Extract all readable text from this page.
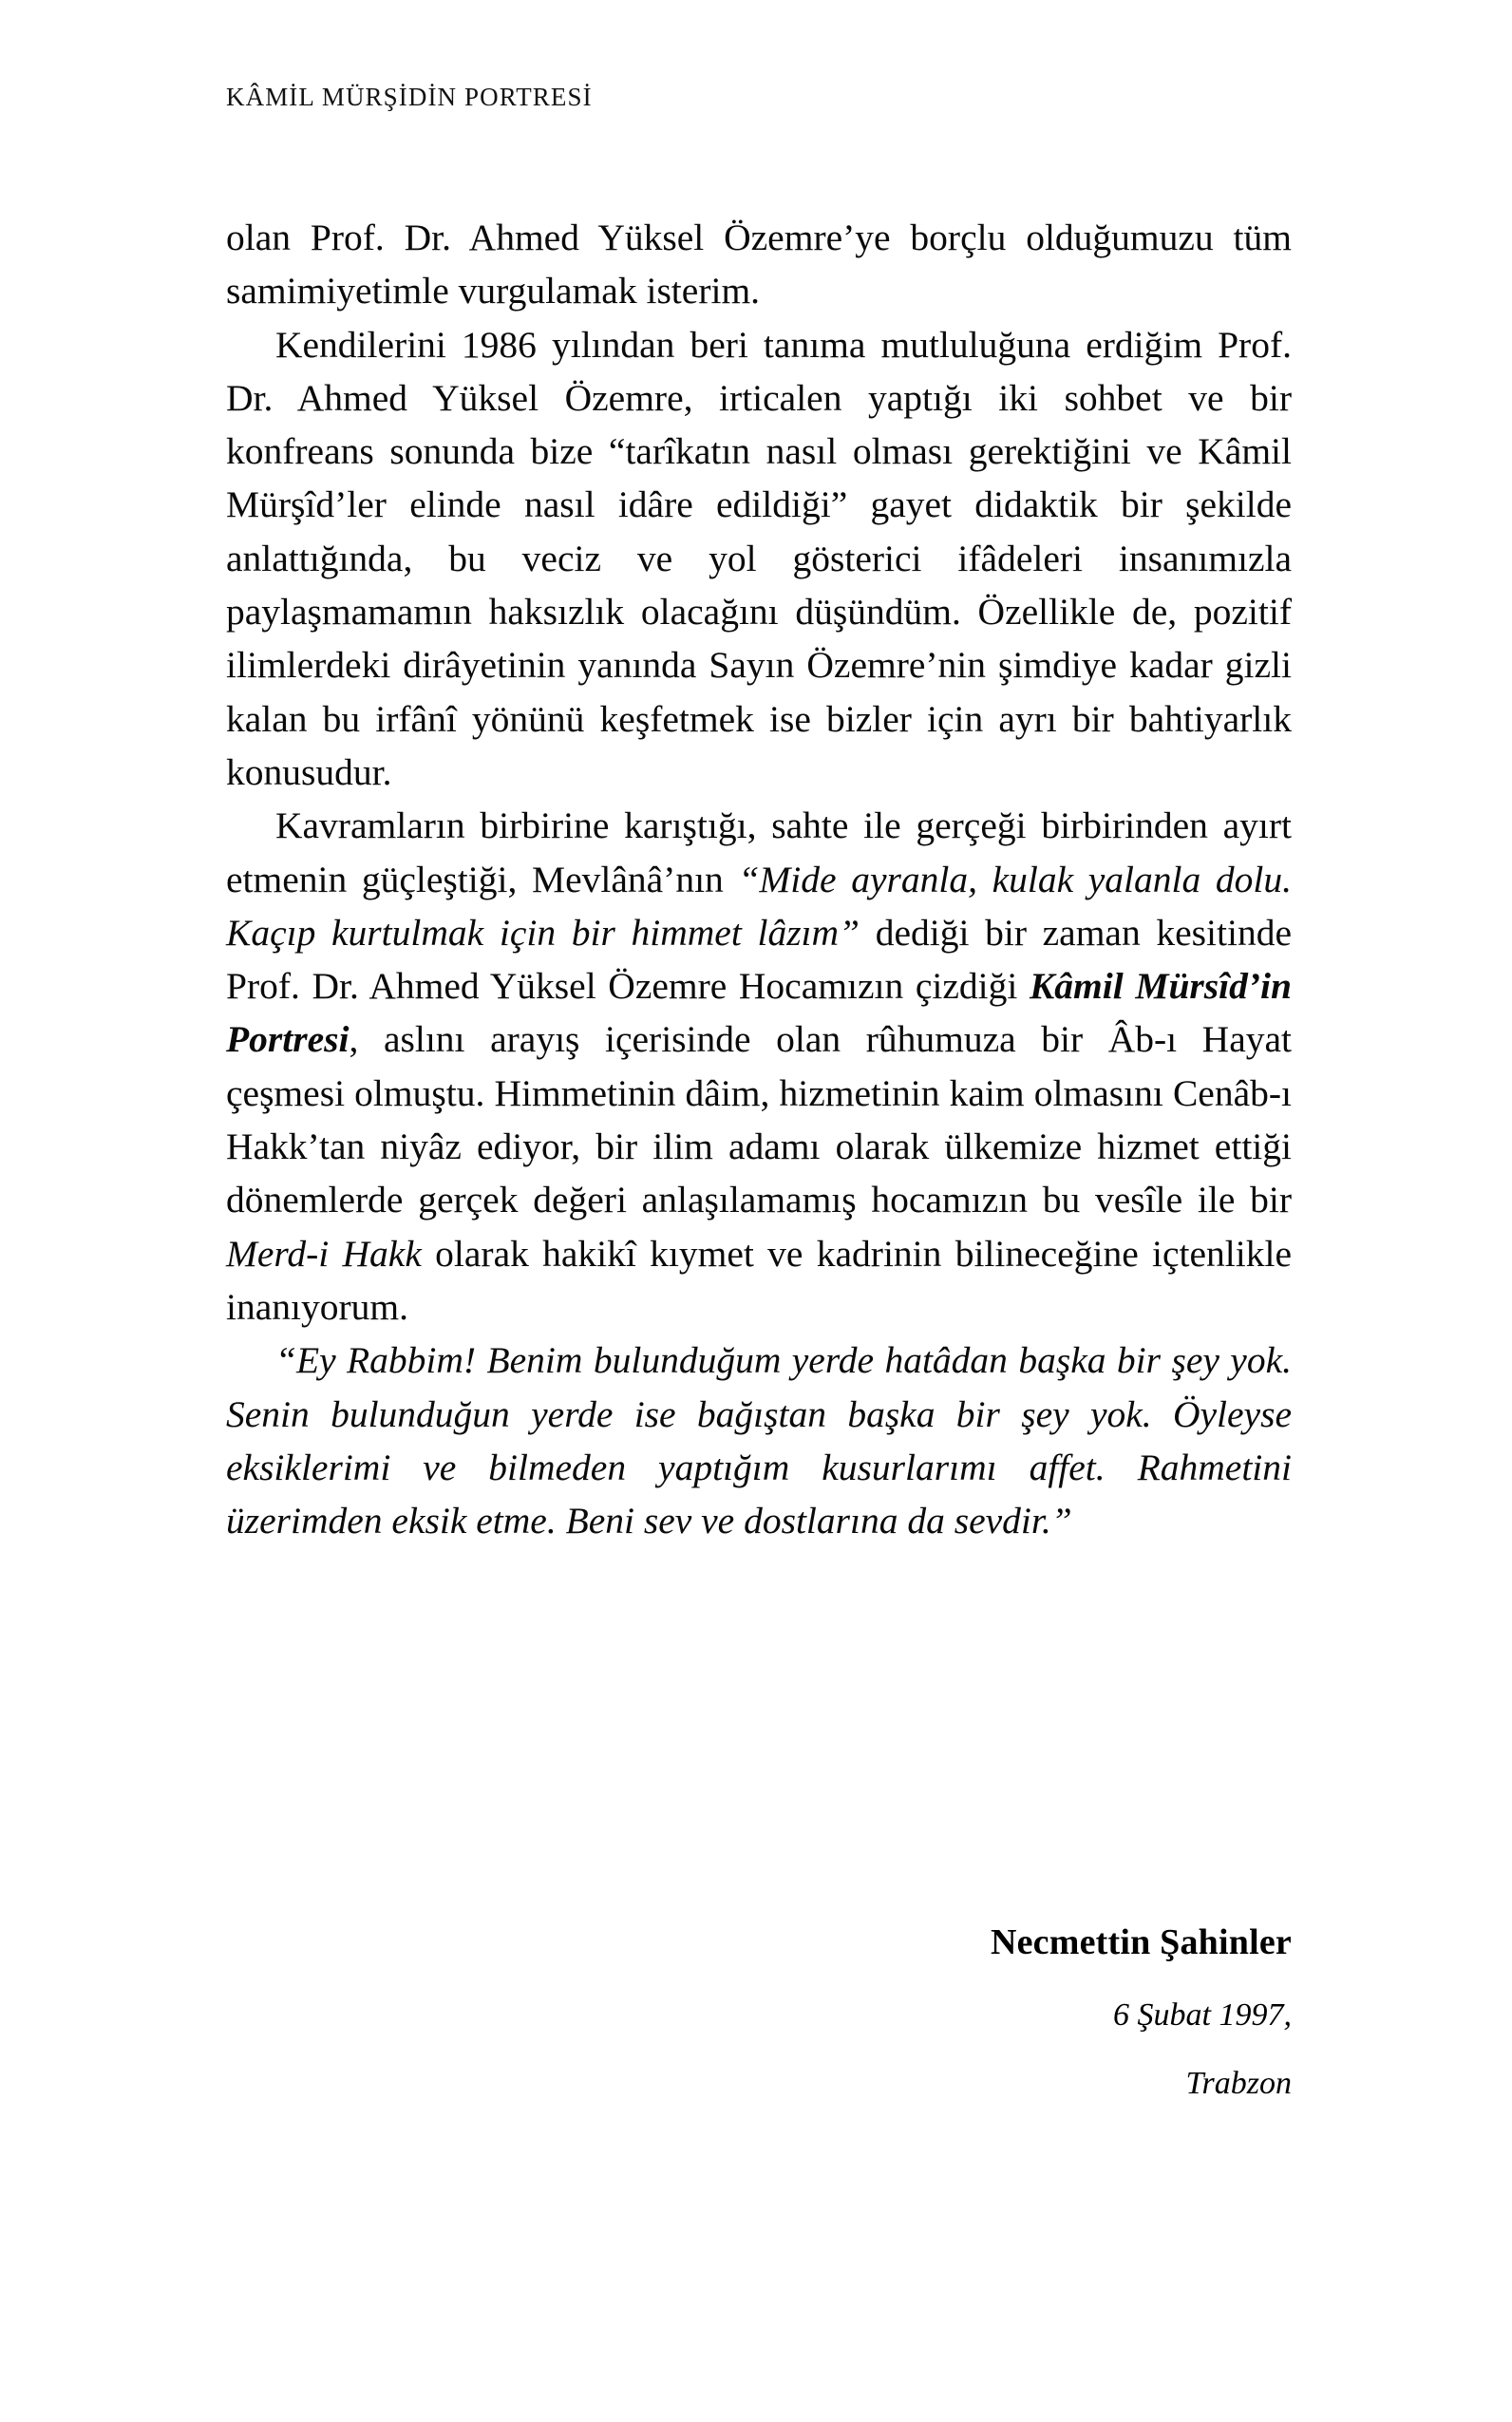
KÂMİL MÜRŞİDİN PORTRESİ

olan Prof. Dr. Ahmed Yüksel Özemre’ye borçlu olduğumuzu tüm samimiyetimle vurgulamak isterim.

Kendilerini 1986 yılından beri tanıma mutluluğuna erdiğim Prof. Dr. Ahmed Yüksel Özemre, irticalen yaptığı iki sohbet ve bir konfreans sonunda bize “tarîkatın nasıl olması gerektiğini ve Kâmil Mürşîd’ler elinde nasıl idâre edildiği” gayet didaktik bir şekilde anlattığında, bu veciz ve yol gösterici ifâdeleri insanımızla paylaşmamamın haksızlık olacağını düşündüm. Özellikle de, pozitif ilimlerdeki dirâyetinin yanında Sayın Özemre’nin şimdiye kadar gizli kalan bu irfânî yönünü keşfetmek ise bizler için ayrı bir bahtiyarlık konusudur.

Kavramların birbirine karıştığı, sahte ile gerçeği birbirinden ayırt etmenin güçleştiği, Mevlânâ’nın “Mide ayranla, kulak yalanla dolu. Kaçıp kurtulmak için bir himmet lâzım” dediği bir zaman kesitinde Prof. Dr. Ahmed Yüksel Özemre Hocamızın çizdiği Kâmil Mürsîd’in Portresi, aslını arayış içerisinde olan rûhumuza bir Âb-ı Hayat çeşmesi olmuştu. Himmetinin dâim, hizmetinin kaim olmasını Cenâb-ı Hakk’tan niyâz ediyor, bir ilim adamı olarak ülkemize hizmet ettiği dönemlerde gerçek değeri anlaşılamamış hocamızın bu vesîle ile bir Merd-i Hakk olarak hakikî kıymet ve kadrinin bilineceğine içtenlikle inanıyorum.

“Ey Rabbim! Benim bulunduğum yerde hatâdan başka bir şey yok. Senin bulunduğun yerde ise bağıştan başka bir şey yok. Öyleyse eksiklerimi ve bilmeden yaptığım kusurlarımı affet. Rahmetini üzerimden eksik etme. Beni sev ve dostlarına da sevdir.”

Necmettin Şahinler
6 Şubat 1997,
Trabzon
